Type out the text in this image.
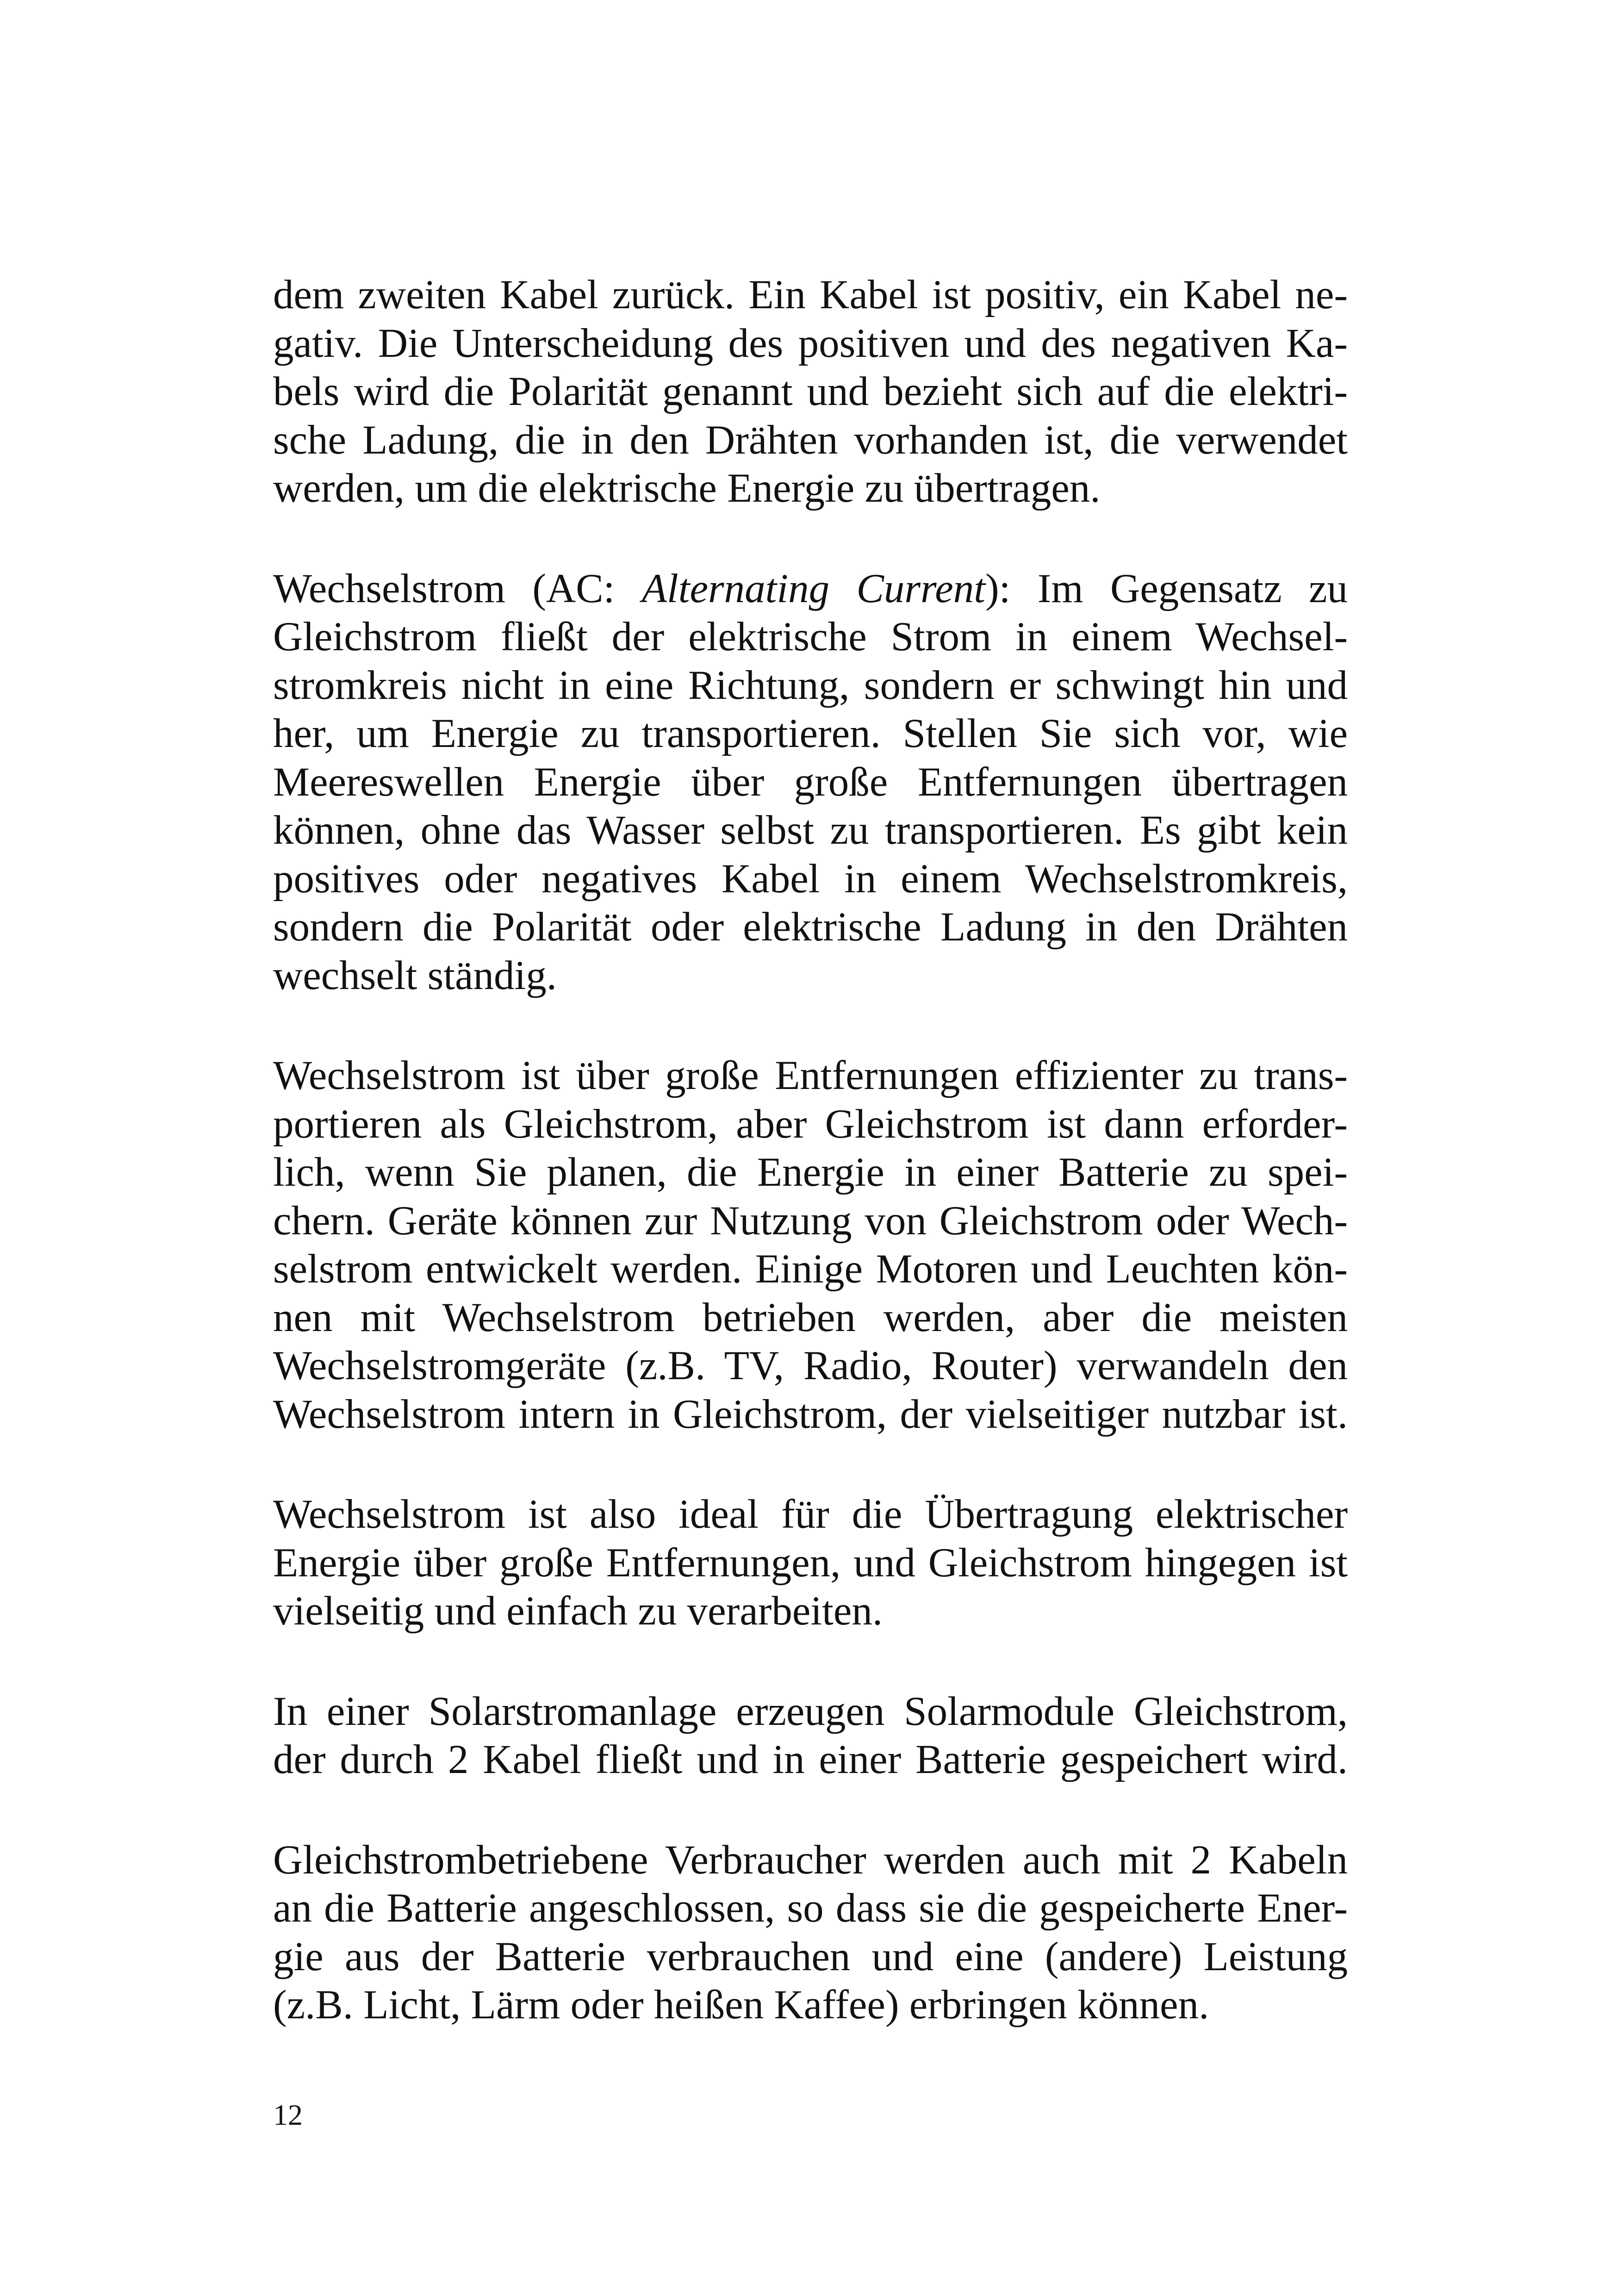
dem zweiten Kabel zurück. Ein Kabel ist positiv, ein Kabel ne-
gativ. Die Unterscheidung des positiven und des negativen Ka-
bels wird die Polarität genannt und bezieht sich auf die elektri-
sche Ladung, die in den Drähten vorhanden ist, die verwendet
werden, um die elektrische Energie zu übertragen.

Wechselstrom (AC: Alternating Current): Im Gegensatz zu
Gleichstrom fließt der elektrische Strom in einem Wechsel-
stromkreis nicht in eine Richtung, sondern er schwingt hin und
her, um Energie zu transportieren. Stellen Sie sich vor, wie
Meereswellen Energie über große Entfernungen übertragen
können, ohne das Wasser selbst zu transportieren. Es gibt kein
positives oder negatives Kabel in einem Wechselstromkreis,
sondern die Polarität oder elektrische Ladung in den Drähten
wechselt ständig.

Wechselstrom ist über große Entfernungen effizienter zu trans-
portieren als Gleichstrom, aber Gleichstrom ist dann erforder-
lich, wenn Sie planen, die Energie in einer Batterie zu spei-
chern. Geräte können zur Nutzung von Gleichstrom oder Wech-
selstrom entwickelt werden. Einige Motoren und Leuchten kön-
nen mit Wechselstrom betrieben werden, aber die meisten
Wechselstromgeräte (z.B. TV, Radio, Router) verwandeln den
Wechselstrom intern in Gleichstrom, der vielseitiger nutzbar ist.

Wechselstrom ist also ideal für die Übertragung elektrischer
Energie über große Entfernungen, und Gleichstrom hingegen ist
vielseitig und einfach zu verarbeiten.

In einer Solarstromanlage erzeugen Solarmodule Gleichstrom,
der durch 2 Kabel fließt und in einer Batterie gespeichert wird.

Gleichstrombetriebene Verbraucher werden auch mit 2 Kabeln
an die Batterie angeschlossen, so dass sie die gespeicherte Ener-
gie aus der Batterie verbrauchen und eine (andere) Leistung
(z.B. Licht, Lärm oder heißen Kaffee) erbringen können.

12
